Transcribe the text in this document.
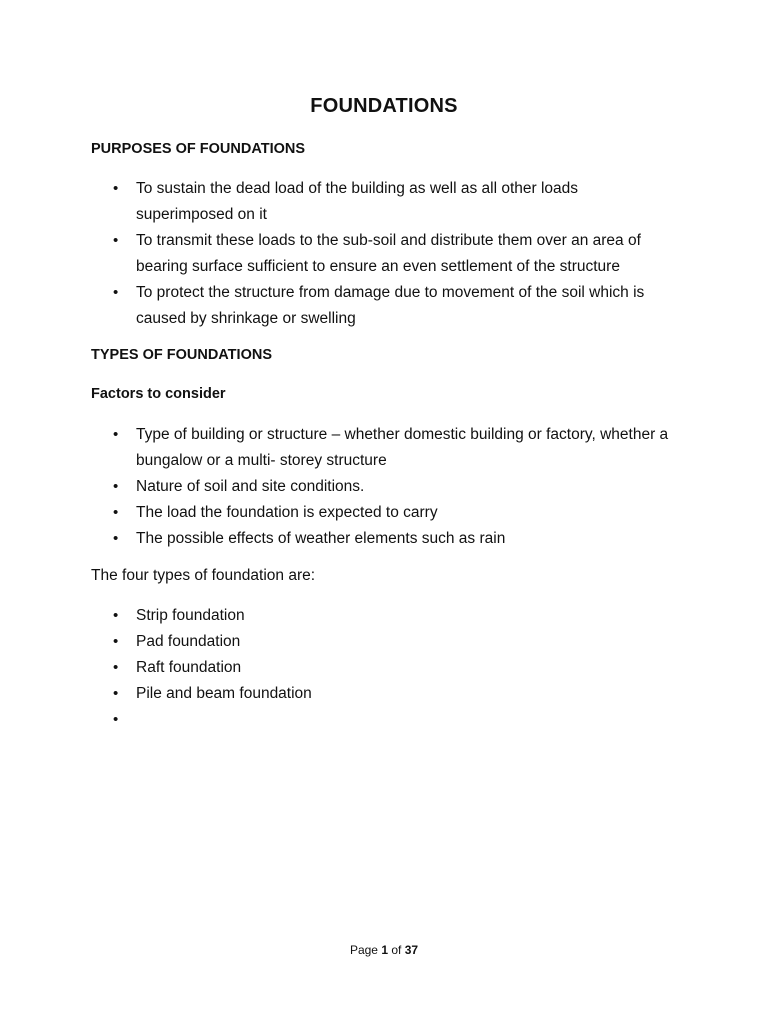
FOUNDATIONS
PURPOSES OF FOUNDATIONS
• To sustain the dead load of the building as well as all other loads superimposed on it
• To transmit these loads to the sub-soil and distribute them over an area of bearing surface sufficient to ensure an even settlement of the structure
• To protect the structure from damage due to movement of the soil which is caused by shrinkage or swelling
TYPES OF FOUNDATIONS
Factors to consider
• Type of building or structure – whether domestic building or factory, whether a bungalow or a multi- storey structure
• Nature of soil and site conditions.
• The load the foundation is expected to carry
• The possible effects of weather elements such as rain
The four types of foundation are:
• Strip foundation
• Pad foundation
• Raft foundation
• Pile and beam foundation
•
Page 1 of 37
